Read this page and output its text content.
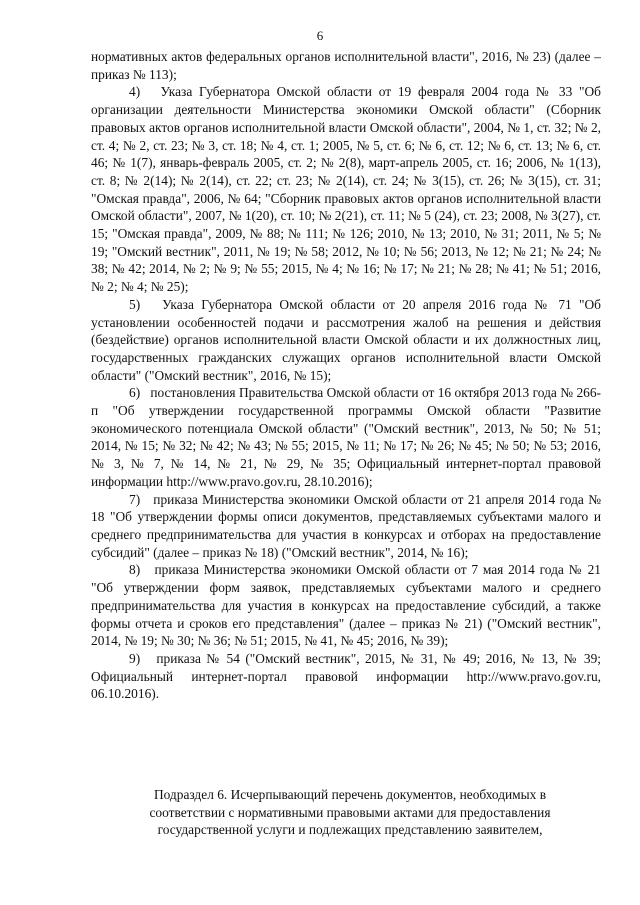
6

нормативных актов федеральных органов исполнительной власти", 2016, № 23) (далее – приказ № 113);

4)   Указа Губернатора Омской области от 19 февраля 2004 года № 33 "Об организации деятельности Министерства экономики Омской области" (Сборник правовых актов органов исполнительной власти Омской области", 2004, № 1, ст. 32; № 2, ст. 4; № 2, ст. 23; № 3, ст. 18; № 4, ст. 1; 2005, № 5, ст. 6; № 6, ст. 12; № 6, ст. 13; № 6, ст. 46; № 1(7), январь-февраль 2005, ст. 2; № 2(8), март-апрель 2005, ст. 16; 2006, № 1(13), ст. 8; № 2(14); № 2(14), ст. 22; ст. 23; № 2(14), ст. 24; № 3(15), ст. 26; № 3(15), ст. 31; "Омская правда", 2006, № 64; "Сборник правовых актов органов исполнительной власти Омской области", 2007, № 1(20), ст. 10; № 2(21), ст. 11; № 5 (24), ст. 23; 2008, № 3(27), ст. 15; "Омская правда", 2009, № 88; № 111; № 126; 2010, № 13; 2010, № 31; 2011, № 5; № 19; "Омский вестник", 2011, № 19; № 58; 2012, № 10; № 56; 2013, № 12; № 21; № 24; № 38; № 42; 2014, № 2; № 9; № 55; 2015, № 4; № 16; № 17; № 21; № 28; № 41; № 51; 2016, № 2; № 4; № 25);

5)   Указа Губернатора Омской области от 20 апреля 2016 года № 71 "Об установлении особенностей подачи и рассмотрения жалоб на решения и действия (бездействие) органов исполнительной власти Омской области и их должностных лиц, государственных гражданских служащих органов исполнительной власти Омской области" ("Омский вестник", 2016, № 15);

6)   постановления Правительства Омской области от 16 октября 2013 года № 266-п "Об утверждении государственной программы Омской области "Развитие экономического потенциала Омской области" ("Омский вестник", 2013, № 50; № 51; 2014, № 15; № 32; № 42; № 43; № 55; 2015, № 11; № 17; № 26; № 45; № 50; № 53; 2016, № 3, № 7, № 14, № 21, № 29, № 35; Официальный интернет-портал правовой информации http://www.pravo.gov.ru, 28.10.2016);

7)   приказа Министерства экономики Омской области от 21 апреля 2014 года № 18 "Об утверждении формы описи документов, представляемых субъектами малого и среднего предпринимательства для участия в конкурсах и отборах на предоставление субсидий" (далее – приказ № 18) ("Омский вестник", 2014, № 16);

8)   приказа Министерства экономики Омской области от 7 мая 2014 года № 21 "Об утверждении форм заявок, представляемых субъектами малого и среднего предпринимательства для участия в конкурсах на предоставление субсидий, а также формы отчета и сроков его представления" (далее – приказ № 21) ("Омский вестник", 2014, № 19; № 30; № 36; № 51; 2015, № 41, № 45; 2016, № 39);

9)   приказа № 54 ("Омский вестник", 2015, № 31, № 49; 2016, № 13, № 39; Официальный интернет-портал правовой информации http://www.pravo.gov.ru, 06.10.2016).

Подраздел 6. Исчерпывающий перечень документов, необходимых в

соответствии с нормативными правовыми актами для предоставления

государственной услуги и подлежащих представлению заявителем,
